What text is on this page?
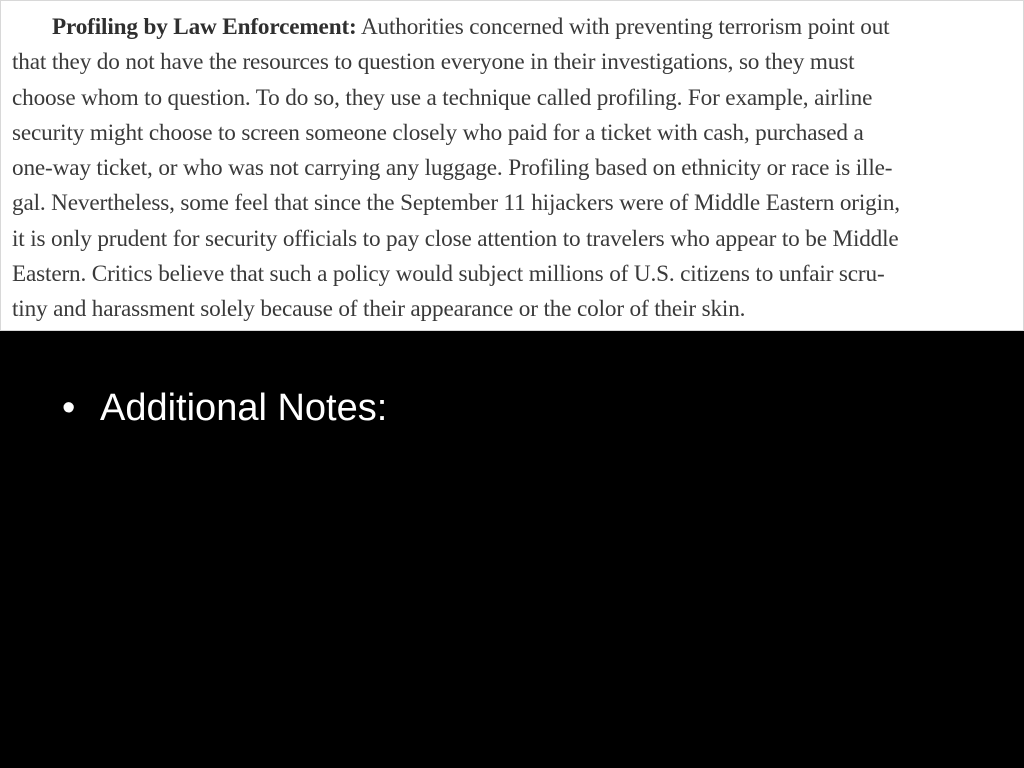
Profiling by Law Enforcement: Authorities concerned with preventing terrorism point out
that they do not have the resources to question everyone in their investigations, so they must
choose whom to question. To do so, they use a technique called profiling. For example, airline
security might choose to screen someone closely who paid for a ticket with cash, purchased a
one-way ticket, or who was not carrying any luggage. Profiling based on ethnicity or race is ille-
gal. Nevertheless, some feel that since the September 11 hijackers were of Middle Eastern origin,
it is only prudent for security officials to pay close attention to travelers who appear to be Middle
Eastern. Critics believe that such a policy would subject millions of U.S. citizens to unfair scru-
tiny and harassment solely because of their appearance or the color of their skin.
• Additional Notes:
